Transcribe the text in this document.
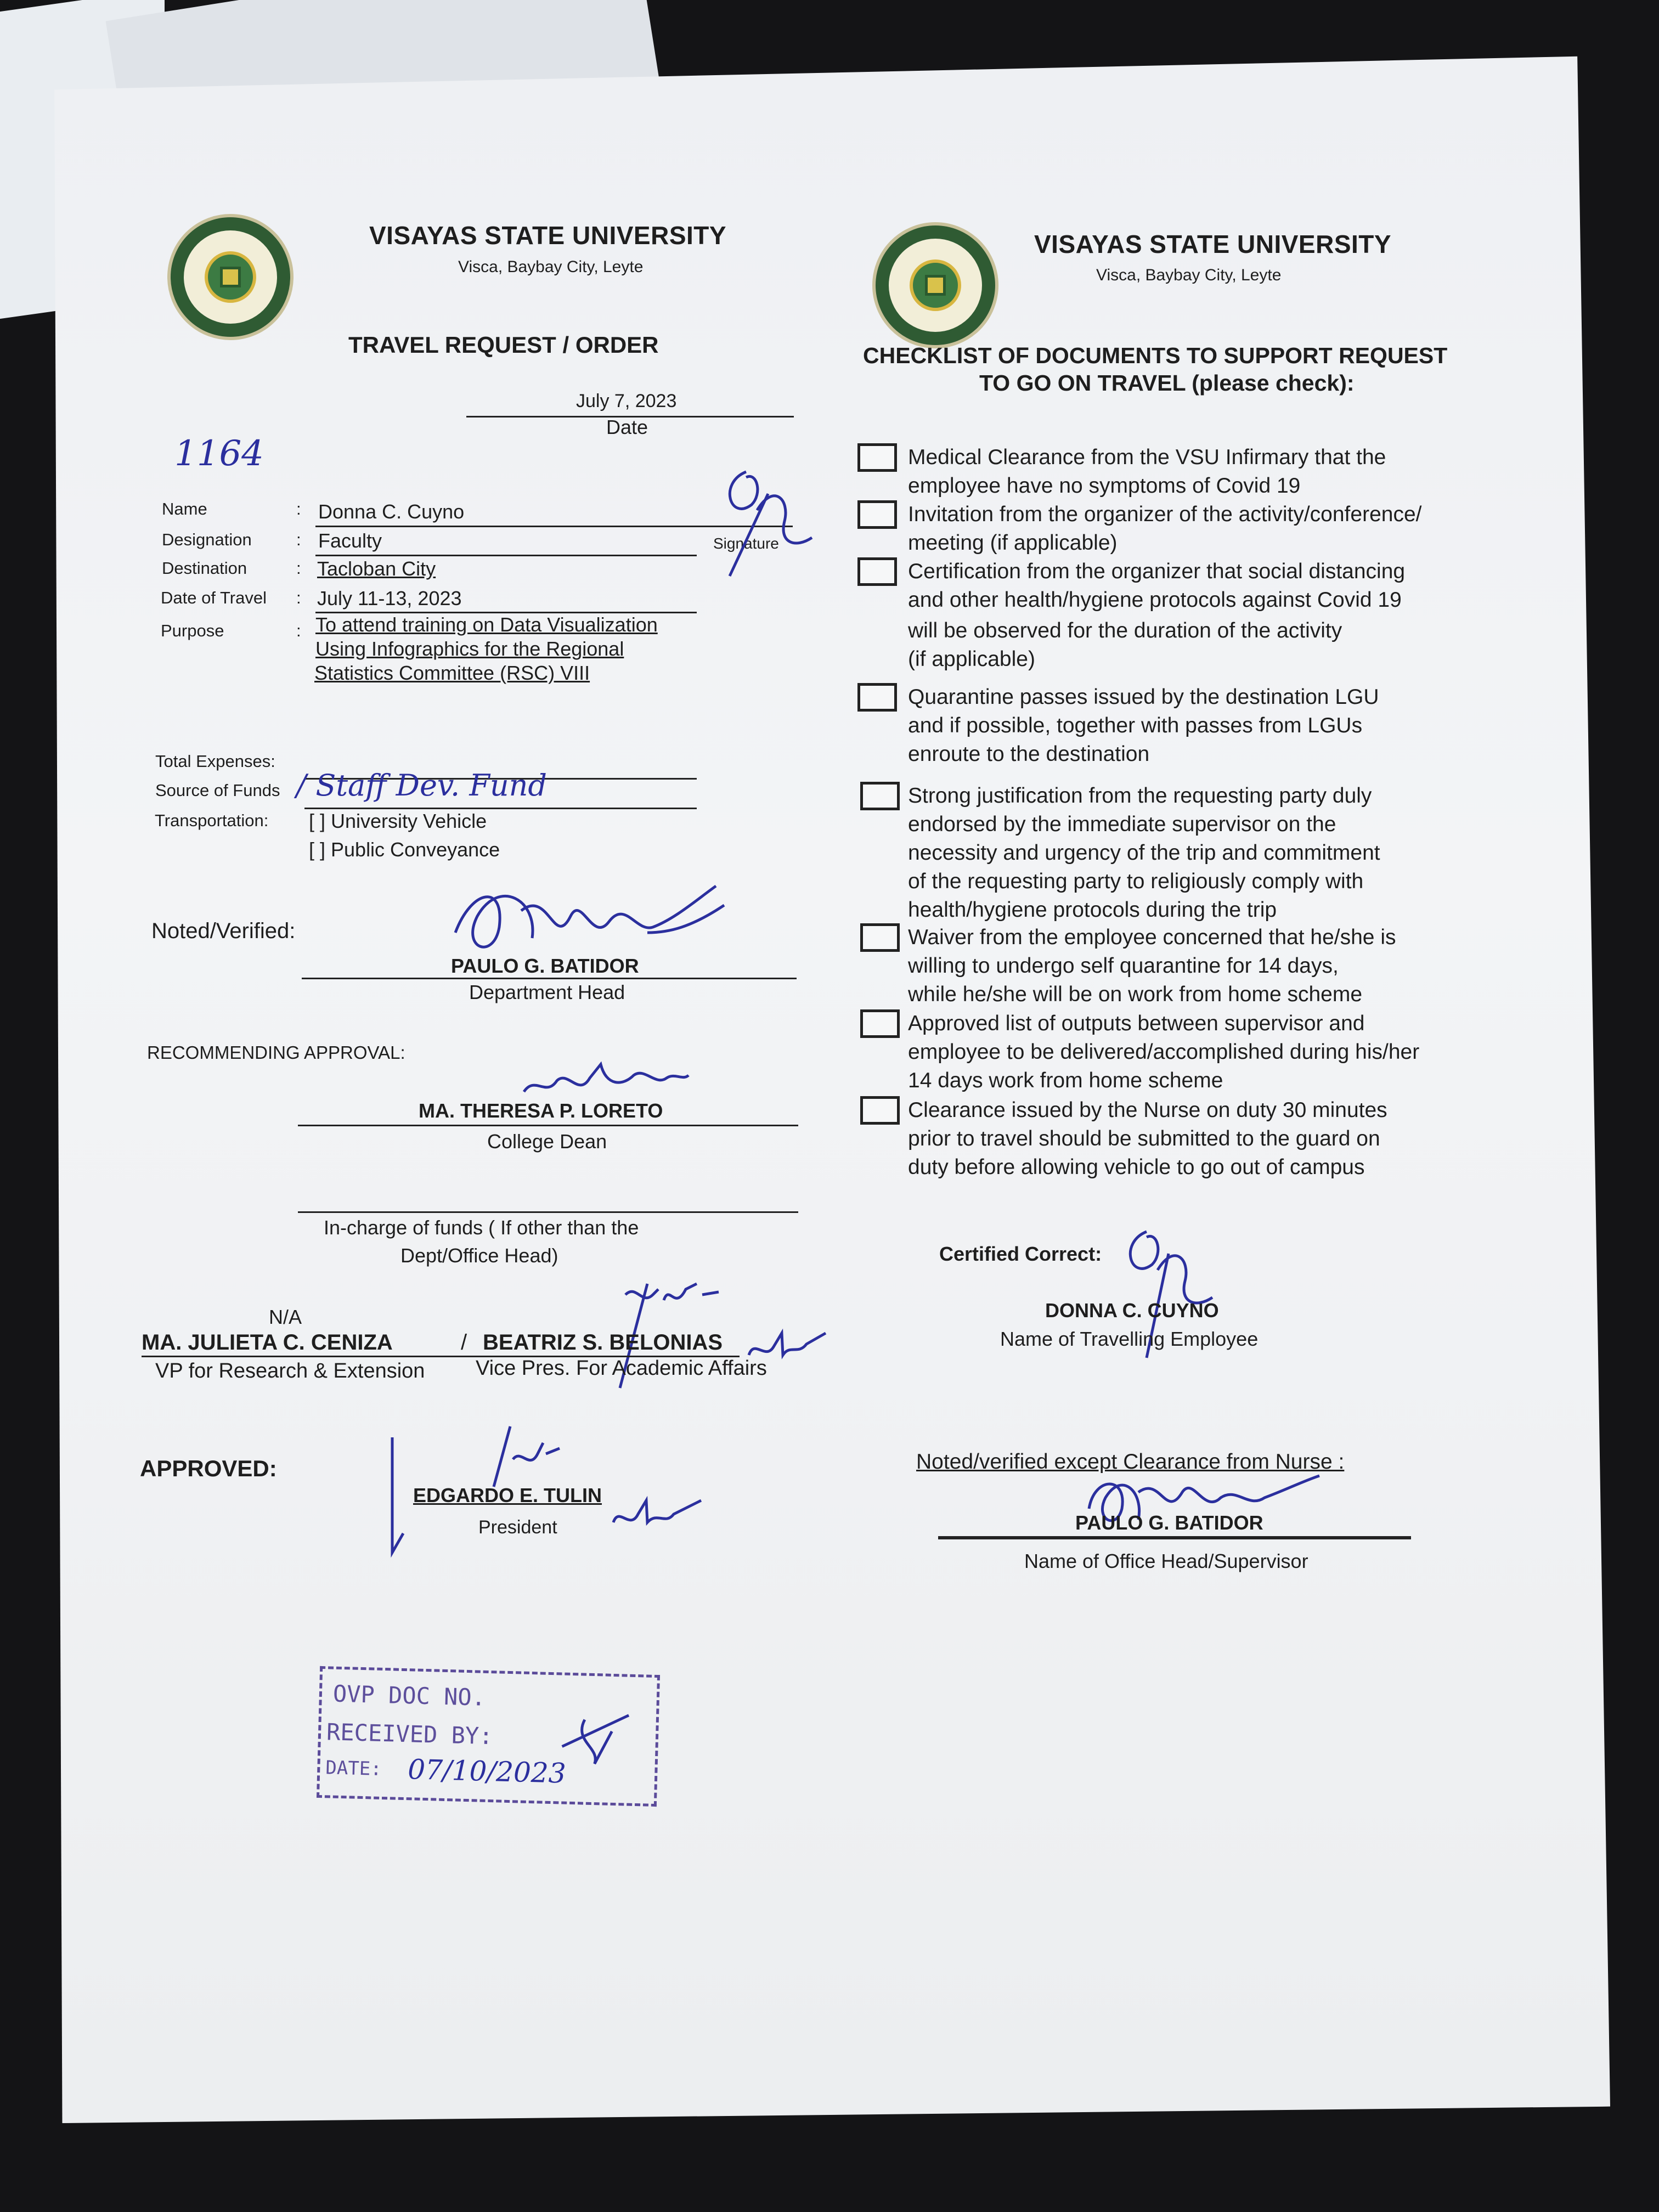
VISAYAS STATE UNIVERSITY
Visca, Baybay City, Leyte
TRAVEL REQUEST / ORDER
July 7, 2023
Date
1164
Name	: Donna C. Cuyno
Signature
Designation	: Faculty
Destination	: Tacloban City
Date of Travel : July 11-13, 2023
Purpose	: To attend training on Data Visualization
Using Infographics for the Regional
Statistics Committee (RSC) VIII
Total Expenses:
Source of Funds / Staff Dev. Fund
Transportation: [ ] University Vehicle
[ ] Public Conveyance
Noted/Verified:
PAULO G. BATIDOR
Department Head
RECOMMENDING APPROVAL:
MA. THERESA P. LORETO
College Dean
In-charge of funds ( If other than the
Dept/Office Head)
N/A
MA. JULIETA C. CENIZA	/ BEATRIZ S. BELONIAS
VP for Research & Extension Vice Pres. For Academic Affairs
APPROVED:
EDGARDO E. TULIN
President
OVP DOC NO.
RECEIVED BY:
DATE: 07/10/2023
VISAYAS STATE UNIVERSITY
Visca, Baybay City, Leyte
CHECKLIST OF DOCUMENTS TO SUPPORT REQUEST
TO GO ON TRAVEL (please check):
Medical Clearance from the VSU Infirmary that the
employee have no symptoms of Covid 19
Invitation from the organizer of the activity/conference/
meeting (if applicable)
Certification from the organizer that social distancing
and other health/hygiene protocols against Covid 19
will be observed for the duration of the activity
(if applicable)
Quarantine passes issued by the destination LGU
and if possible, together with passes from LGUs
enroute to the destination
Strong justification from the requesting party duly
endorsed by the immediate supervisor on the
necessity and urgency of the trip and commitment
of the requesting party to religiously comply with
health/hygiene protocols during the trip
Waiver from the employee concerned that he/she is
willing to undergo self quarantine for 14 days,
while he/she will be on work from home scheme
Approved list of outputs between supervisor and
employee to be delivered/accomplished during his/her
14 days work from home scheme
Clearance issued by the Nurse on duty 30 minutes
prior to travel should be submitted to the guard on
duty before allowing vehicle to go out of campus
Certified Correct:
DONNA C. CUYNO
Name of Travelling Employee
Noted/verified except Clearance from Nurse :
PAULO G. BATIDOR
Name of Office Head/Supervisor
